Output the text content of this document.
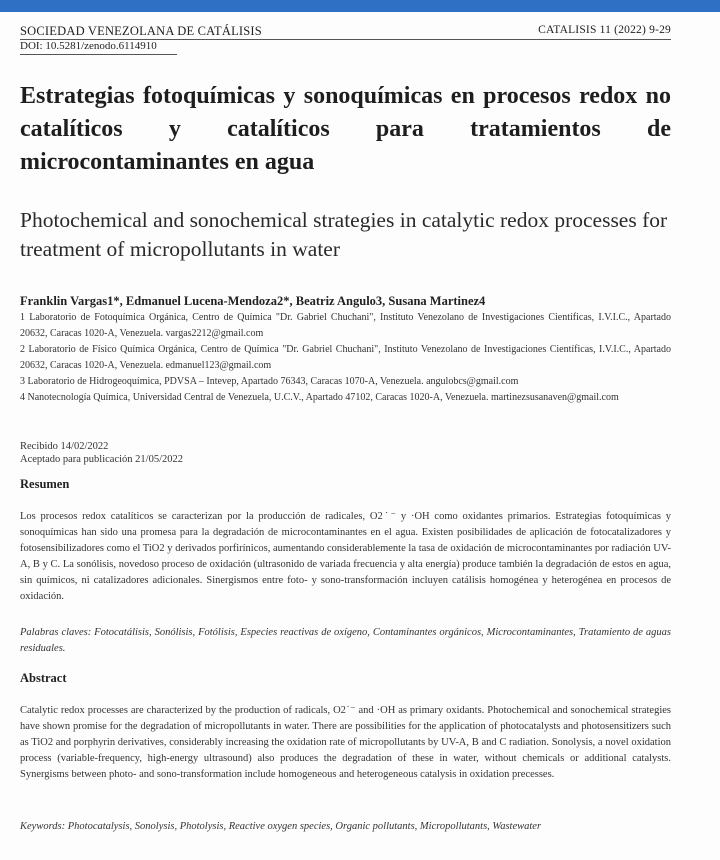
SOCIEDAD VENEZOLANA DE CATÁLISIS	CATALISIS 11 (2022) 9-29
DOI: 10.5281/zenodo.6114910
Estrategias fotoquímicas y sonoquímicas en procesos redox no catalíticos y catalíticos para tratamientos de microcontaminantes en agua
Photochemical and sonochemical strategies in catalytic redox processes for treatment of micropollutants in water
Franklin Vargas1*, Edmanuel Lucena-Mendoza2*, Beatriz Angulo3, Susana Martinez4

1 Laboratorio de Fotoquímica Orgánica, Centro de Química "Dr. Gabriel Chuchani", Instituto Venezolano de Investigaciones Científicas, I.V.I.C., Apartado 20632, Caracas 1020-A, Venezuela. vargas2212@gmail.com

2 Laboratorio de Físico Química Orgánica, Centro de Química "Dr. Gabriel Chuchani", Instituto Venezolano de Investigaciones Científicas, I.V.I.C., Apartado 20632, Caracas 1020-A, Venezuela. edmanuel123@gmail.com

3 Laboratorio de Hidrogeoquímica, PDVSA – Intevep, Apartado 76343, Caracas 1070-A, Venezuela. angulobcs@gmail.com

4 Nanotecnología Química, Universidad Central de Venezuela, U.C.V., Apartado 47102, Caracas 1020-A, Venezuela. martinezsusanaven@gmail.com

Recibido 14/02/2022
Aceptado para publicación 21/05/2022
Resumen
Los procesos redox catalíticos se caracterizan por la producción de radicales, O2˙⁻ y ·OH como oxidantes primarios. Estrategias fotoquímicas y sonoquímicas han sido una promesa para la degradación de microcontaminantes en el agua. Existen posibilidades de aplicación de fotocatalizadores y fotosensibilizadores como el TiO2 y derivados porfirínicos, aumentando considerablemente la tasa de oxidación de microcontaminantes por radiación UV-A, B y C. La sonólisis, novedoso proceso de oxidación (ultrasonido de variada frecuencia y alta energía) produce también la degradación de estos en agua, sin químicos, ni catalizadores adicionales. Sinergismos entre foto- y sono-transformación incluyen catálisis homogénea y heterogénea en procesos de oxidación.
Palabras claves: Fotocatálisis, Sonólisis, Fotólisis, Especies reactivas de oxígeno, Contaminantes orgánicos, Microcontaminantes, Tratamiento de aguas residuales.
Abstract
Catalytic redox processes are characterized by the production of radicals, O2˙⁻ and ·OH as primary oxidants. Photochemical and sonochemical strategies have shown promise for the degradation of micropollutants in water. There are possibilities for the application of photocatalysts and photosensitizers such as TiO2 and porphyrin derivatives, considerably increasing the oxidation rate of micropollutants by UV-A, B and C radiation. Sonolysis, a novel oxidation process (variable-frequency, high-energy ultrasound) also produces the degradation of these in water, without chemicals or additional catalysts. Synergisms between photo- and sono-transformation include homogeneous and heterogeneous catalysis in oxidation precesses.
Keywords: Photocatalysis, Sonolysis, Photolysis, Reactive oxygen species, Organic pollutants, Micropollutants, Wastewater
